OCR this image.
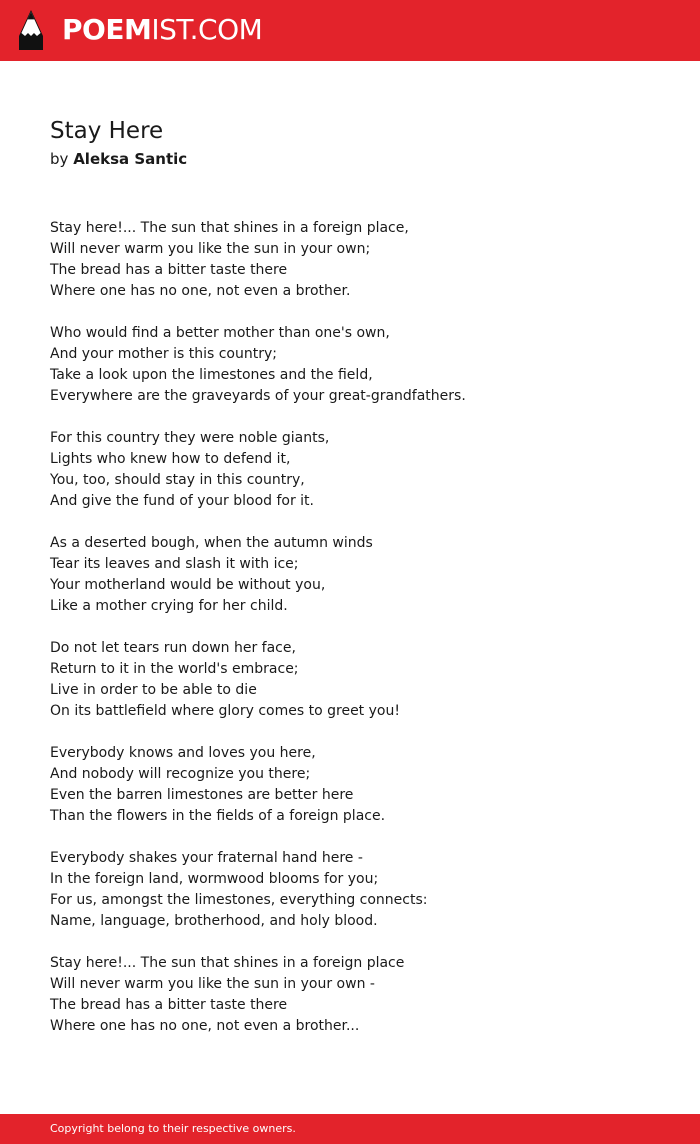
POEMIST.COM
Stay Here
by Aleksa Santic
Stay here!... The sun that shines in a foreign place,
Will never warm you like the sun in your own;
The bread has a bitter taste there
Where one has no one, not even a brother.
Who would find a better mother than one's own,
And your mother is this country;
Take a look upon the limestones and the field,
Everywhere are the graveyards of your great-grandfathers.
For this country they were noble giants,
Lights who knew how to defend it,
You, too, should stay in this country,
And give the fund of your blood for it.
As a deserted bough, when the autumn winds
Tear its leaves and slash it with ice;
Your motherland would be without you,
Like a mother crying for her child.
Do not let tears run down her face,
Return to it in the world's embrace;
Live in order to be able to die
On its battlefield where glory comes to greet you!
Everybody knows and loves you here,
And nobody will recognize you there;
Even the barren limestones are better here
Than the flowers in the fields of a foreign place.
Everybody shakes your fraternal hand here -
In the foreign land, wormwood blooms for you;
For us, amongst the limestones, everything connects:
Name, language, brotherhood, and holy blood.
Stay here!... The sun that shines in a foreign place
Will never warm you like the sun in your own -
The bread has a bitter taste there
Where one has no one, not even a brother...
Copyright belong to their respective owners.
